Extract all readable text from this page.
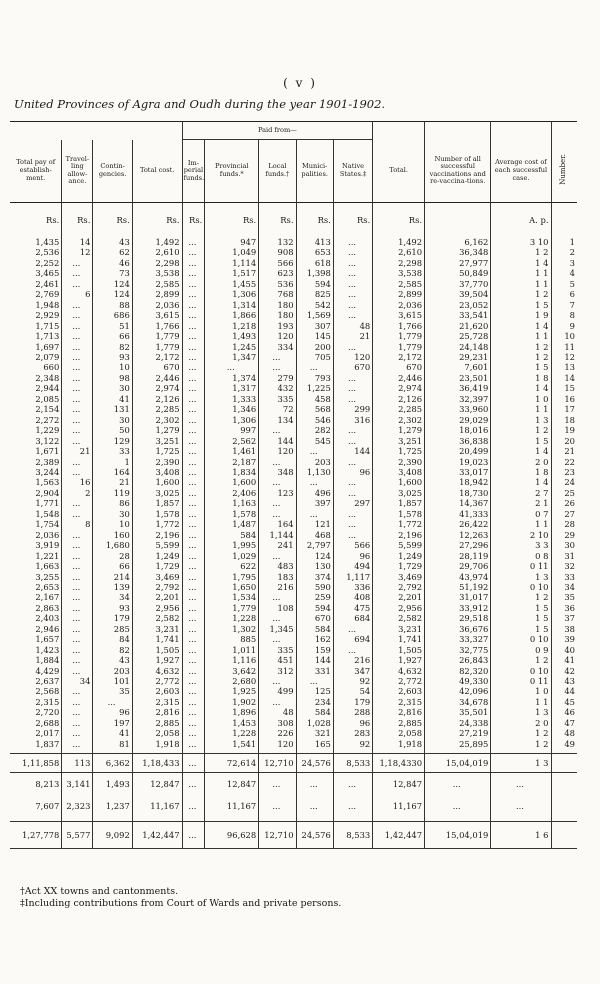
( v )
United Provinces of Agra and Oudh during the year 1901-1902.
				Paid from—								
Total pay of establish-ment.	Travel-ling allow-ance.	Contin-gencies.	Total cost.	Im-perial funds.	Provincial funds.*	Local funds.†	Munici-palities.	Native States.‡	Total.	Number of all successful vaccinations and re-vaccina-tions.	Average cost of each successful case.	Number.
Rs.	Rs.	Rs.	Rs.	Rs.	Rs.	Rs.	Rs.	Rs.	Rs.		A. p.	
1,435	14	43	1,492	...	947	132	413	...	1,492	6,162	3 10	1
2,536	12	62	2,610	...	1,049	908	653	...	2,610	36,348	1 2	2
2,252	...	46	2,298	...	1,114	566	618	...	2,298	27,977	1 4	3
3,465	...	73	3,538	...	1,517	623	1,398	...	3,538	50,849	1 1	4
2,461	...	124	2,585	...	1,455	536	594	...	2,585	37,770	1 1	5
2,769	6	124	2,899	...	1,306	768	825	...	2,899	39,504	1 2	6
1,948	...	88	2,036	...	1,314	180	542	...	2,036	23,052	1 5	7
2,929	...	686	3,615	...	1,866	180	1,569	...	3,615	33,541	1 9	8
1,715	...	51	1,766	...	1,218	193	307	48	1,766	21,620	1 4	9
1,713	...	66	1,779	...	1,493	120	145	21	1,779	25,728	1 1	10
1,697	...	82	1,779	...	1,245	334	200	...	1,779	24,148	1 2	11
2,079	...	93	2,172	...	1,347	...	705	120	2,172	29,231	1 2	12
660	...	10	670	...	...	...	...	670	670	7,601	1 5	13
2,348	...	98	2,446	...	1,374	279	793	...	2,446	23,501	1 8	14
2,944	...	30	2,974	...	1,317	432	1,225	...	2,974	36,419	1 4	15
2,085	...	41	2,126	...	1,333	335	458	...	2,126	32,397	1 0	16
2,154	...	131	2,285	...	1,346	72	568	299	2,285	33,960	1 1	17
2,272	...	30	2,302	...	1,306	134	546	316	2,302	29,029	1 3	18
1,229	...	50	1,279	...	997	...	282	...	1,279	18,016	1 2	19
3,122	...	129	3,251	...	2,562	144	545	...	3,251	36,838	1 5	20
1,671	21	33	1,725	...	1,461	120	...	144	1,725	20,499	1 4	21
2,389	...	1	2,390	...	2,187	...	203	...	2,390	19,023	2 0	22
3,244	...	164	3,408	...	1,834	348	1,130	96	3,408	33,017	1 8	23
1,563	16	21	1,600	...	1,600	...	...	...	1,600	18,942	1 4	24
2,904	2	119	3,025	...	2,406	123	496	...	3,025	18,730	2 7	25
1,771	...	86	1,857	...	1,163	...	397	297	1,857	14,367	2 1	26
1,548	...	30	1,578	...	1,578	...	...	...	1,578	41,333	0 7	27
1,754	8	10	1,772	...	1,487	164	121	...	1,772	26,422	1 1	28
2,036	...	160	2,196	...	584	1,144	468	...	2,196	12,263	2 10	29
3,919	...	1,680	5,599	...	1,995	241	2,797	566	5,599	27,296	3 3	30
1,221	...	28	1,249	...	1,029	...	124	96	1,249	28,119	0 8	31
1,663	...	66	1,729	...	622	483	130	494	1,729	29,706	0 11	32
3,255	...	214	3,469	...	1,795	183	374	1,117	3,469	43,974	1 3	33
2,653	...	139	2,792	...	1,650	216	590	336	2,792	51,192	0 10	34
2,167	...	34	2,201	...	1,534	...	259	408	2,201	31,017	1 2	35
2,863	...	93	2,956	...	1,779	108	594	475	2,956	33,912	1 5	36
2,403	...	179	2,582	...	1,228	...	670	684	2,582	29,518	1 5	37
2,946	...	285	3,231	...	1,302	1,345	584	...	3,231	36,676	1 5	38
1,657	...	84	1,741	...	885	...	162	694	1,741	33,327	0 10	39
1,423	...	82	1,505	...	1,011	335	159	...	1,505	32,775	0 9	40
1,884	...	43	1,927	...	1,116	451	144	216	1,927	26,843	1 2	41
4,429	...	203	4,632	...	3,642	312	331	347	4,632	82,320	0 10	42
2,637	34	101	2,772	...	2,680	...	...	92	2,772	49,330	0 11	43
2,568	...	35	2,603	...	1,925	499	125	54	2,603	42,096	1 0	44
2,315	...	...	2,315	...	1,902	...	234	179	2,315	34,678	1 1	45
2,720	...	96	2,816	...	1,896	48	584	288	2,816	35,501	1 3	46
2,688	...	197	2,885	...	1,453	308	1,028	96	2,885	24,338	2 0	47
2,017	...	41	2,058	...	1,228	226	321	283	2,058	27,219	1 2	48
1,837	...	81	1,918	...	1,541	120	165	92	1,918	25,895	1 2	49

1,11,858	113	6,362	1,18,433	...	72,614	12,710	24,576	8,533	1,18,4330	15,04,019	1 3	
8,213	3,141	1,493	12,847	...	12,847	...	...	...	12,847	...	...	
7,607	2,323	1,237	11,167	...	11,167	...	...	...	11,167	...	...	

1,27,778	5,577	9,092	1,42,447	...	96,628	12,710	24,576	8,533	1,42,447	15,04,019	1 6	
†Act XX towns and cantonments.
‡Including contributions from Court of Wards and private persons.
